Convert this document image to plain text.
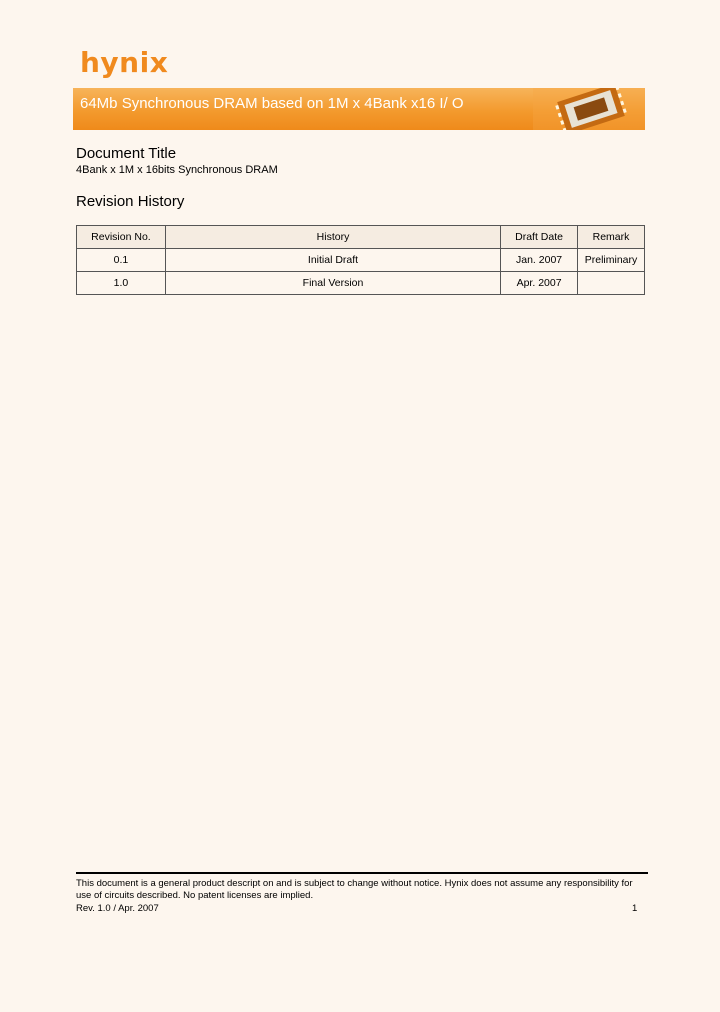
hynix
64Mb Synchronous DRAM based on 1M x 4Bank x16 I/ O
Document Title
4Bank x 1M x 16bits Synchronous DRAM
Revision History
Revision No.	History	Draft Date	Remark
0.1	Initial Draft	Jan. 2007	Preliminary
1.0	Final Version	Apr. 2007	
This document is a general product descript on and is subject to change without notice. Hynix does not assume any responsibility for use of circuits described. No patent licenses are implied.
Rev. 1.0 / Apr. 2007	1
